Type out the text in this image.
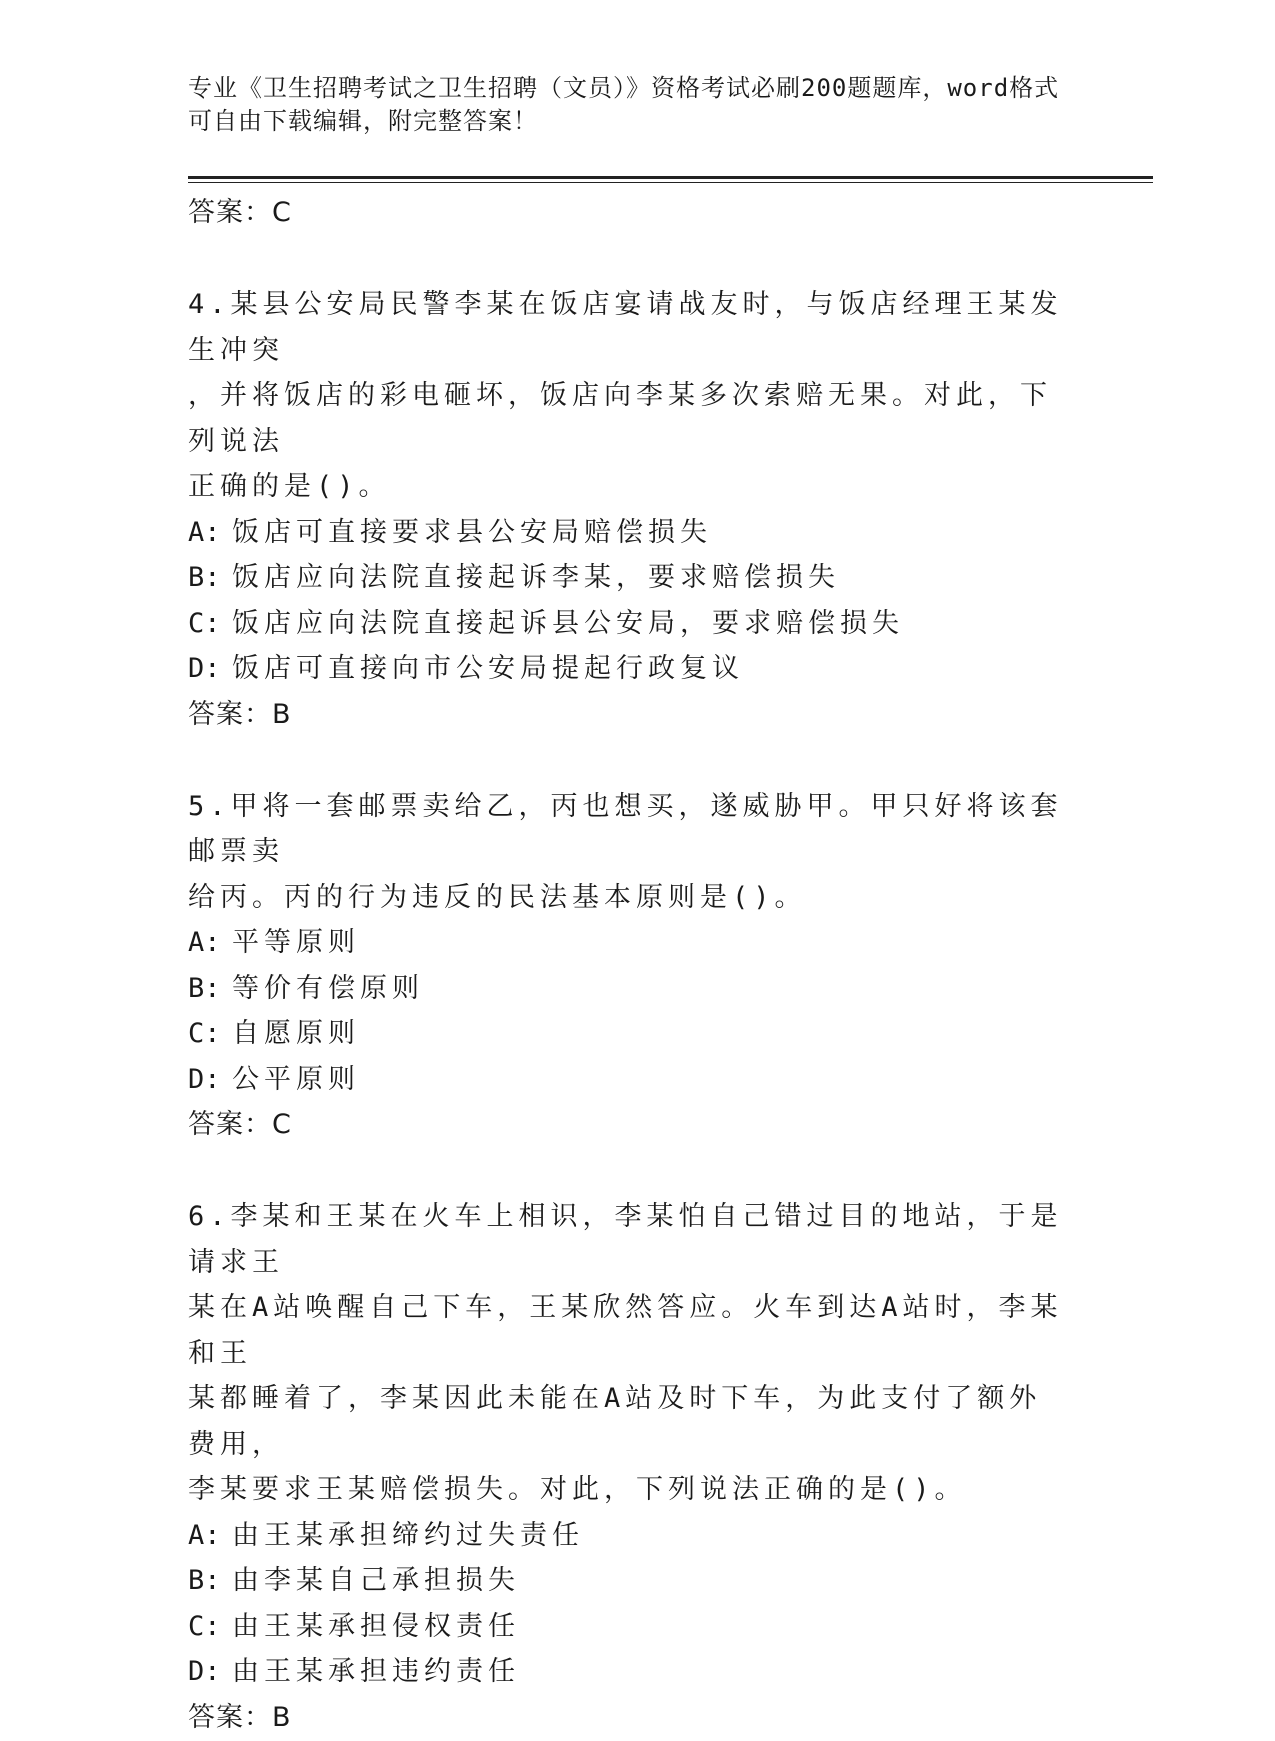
专业《卫生招聘考试之卫生招聘（文员）》资格考试必刷200题题库，word格式
可自由下载编辑，附完整答案！
答案：C
4.某县公安局民警李某在饭店宴请战友时，与饭店经理王某发生冲突
，并将饭店的彩电砸坏，饭店向李某多次索赔无果。对此，下列说法
正确的是()。
A: 饭店可直接要求县公安局赔偿损失
B: 饭店应向法院直接起诉李某，要求赔偿损失
C: 饭店应向法院直接起诉县公安局，要求赔偿损失
D: 饭店可直接向市公安局提起行政复议
答案：B
5.甲将一套邮票卖给乙，丙也想买，遂威胁甲。甲只好将该套邮票卖
给丙。丙的行为违反的民法基本原则是()。
A: 平等原则
B: 等价有偿原则
C: 自愿原则
D: 公平原则
答案：C
6.李某和王某在火车上相识，李某怕自己错过目的地站，于是请求王
某在A站唤醒自己下车，王某欣然答应。火车到达A站时，李某和王
某都睡着了，李某因此未能在A站及时下车，为此支付了额外费用，
李某要求王某赔偿损失。对此，下列说法正确的是()。
A: 由王某承担缔约过失责任
B: 由李某自己承担损失
C: 由王某承担侵权责任
D: 由王某承担违约责任
答案：B
